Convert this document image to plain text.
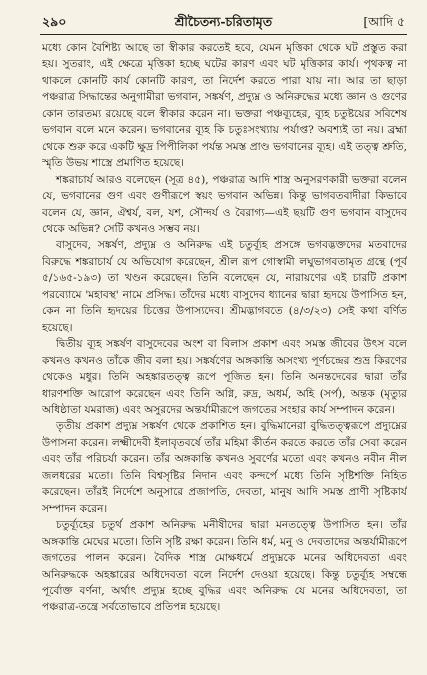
২৯০	শ্রীচৈতন্য-চরিতামৃত	[আদি ৫

মধ্যে কোন বৈশিষ্ট্য আছে তা স্বীকার করতেই হবে, যেমন মৃত্তিকা থেকে ঘট প্রস্তুত করা হয়। সুতরাং, এই ক্ষেত্রে মৃত্তিকা হচ্ছে ঘটের কারণ এবং ঘট মৃত্তিকার কার্য। পৃথকত্ব না থাকলে কোনটি কার্য কোনটি কারণ, তা নির্দেশ করতে পারা যায় না। আর তা ছাড়া পঞ্চরাত্র সিদ্ধান্তের অনুগামীরা ভগবান, সঙ্কর্ষণ, প্রদ্যুম্ন ও অনিরুদ্ধের মধ্যে জ্ঞান ও গুণের কোন তারতম্য রয়েছে বলে স্বীকার করেন না। ভক্তরা পঞ্চব্যূহের, ব্যূহ চতুষ্টয়ের সবিশেষ ভগবান বলে মনে করেন। ভগবানের ব্যূহ কি চতুঃসংখ্যায় পর্যাপ্ত? অবশ্যই তা নয়। ব্রহ্মা থেকে শুরু করে একটি ক্ষুদ্র পিপীলিকা পর্যন্ত সমস্ত প্রাণ্ড ভগবানের ব্যূহ। এই তত্ত্ব শ্রুতি, স্মৃতি উভয় শাস্ত্রে প্রমাণিত হয়েছে।

শঙ্করাচার্য আরও বলেছেন (সূত্র ৪৫), পঞ্চরাত্র আদি শাস্ত্র অনুসরণকারী ভক্তরা বলেন যে, ভগবানের গুণ এবং গুণীরূপে স্বয়ং ভগবান অভিন্ন। কিন্তু ভাগবতবাদীরা কিভাবে বলেন যে, জ্ঞান, ঐশ্বর্য, বল, যশ, সৌন্দর্য ও বৈরাগ্য—এই ছয়টি গুণ ভগবান বাসুদেব থেকে অভিন্ন? সেটি কখনও সম্ভব নয়।

বাসুদেব, সঙ্কর্ষণ, প্রদ্যুম্ন ও অনিরুদ্ধ এই চতুর্ব্যূহ প্রসঙ্গে ভগবদ্ভক্তদের মতবাদের বিরুদ্ধে শঙ্করাচার্য যে অভিযোগ করেছেন, শ্রীল রূপ গোস্বামী লঘুভাগবতামৃত গ্রন্থে (পূর্ব ৫/১৬৫-১৯৩) তা খণ্ডন করেছেন। তিনি বলেছেন যে, নারায়ণের এই চারটি প্রকাশ পরব্যোমে 'মহাবস্থ' নামে প্রসিদ্ধ। তাঁদের মধ্যে বাসুদেব ধ্যানের দ্বারা হৃদয়ে উপাসিত হন, কেন না তিনি হৃদয়ের চিত্তের উপাস্যদেব। শ্রীমদ্ভাগবতে (৪/৩/২৩) সেই কথা বর্ণিত হয়েছে।

দ্বিতীয় ব্যূহ সঙ্কর্ষণ বাসুদেবের অংশ বা বিলাস প্রকাশ এবং সমস্ত জীবের উৎস বলে কখনও কখনও তাঁকে জীব বলা হয়। সঙ্কর্ষণের অঙ্গকান্তি অসংখ্য পূর্ণচন্দ্রের শুভ্র কিরণের থেকেও মধুর। তিনি অহঙ্কারতত্ত্ব রূপে পূজিত হন। তিনি অনন্তদেবের দ্বারা তাঁর ধারণশক্তি আরোপ করেছেন এবং তিনি অগ্নি, রুদ্র, অধর্ম, অহি (সর্প), অন্তক (মৃত্যুর অধিষ্ঠাতা যমরাজ) এবং অসুরদের অন্তর্যামীরূপে জগতের সংহার কার্য সম্পাদন করেন।

তৃতীয় প্রকাশ প্রদ্যুম্ন সঙ্কর্ষণ থেকে প্রকাশিত হন। বুদ্ধিমানেরা বুদ্ধিতত্ত্বরূপে প্রদ্যুম্নের উপাসনা করেন। লক্ষ্মীদেবী ইলাবৃতবর্ষে তাঁর মহিমা কীর্তন করতে করতে তাঁর সেবা করেন এবং তাঁর পরিচর্যা করেন। তাঁর অঙ্গকান্তি কখনও সুবর্ণের মতো এবং কখনও নবীন নীল জলধরের মতো। তিনি বিশ্বসৃষ্টির নিদান এবং কন্দর্পে মধ্যে তিনি সৃষ্টিশক্তি নিহিত করেছেন। তাঁরই নির্দেশে অনুসারে প্রজাপতি, দেবতা, মানুষ আদি সমস্ত প্রাণী সৃষ্টিকার্য সম্পাদন করেন।

চতুর্ব্যূহের চতুর্থ প্রকাশ অনিরুদ্ধ মনীষীদের দ্বারা মনতত্ত্বে উপাসিত হন। তাঁর অঙ্গকান্তি মেঘের মতো। তিনি সৃষ্টি রক্ষা করেন। তিনি ধর্ম, মনু ও দেবতাদের অন্তর্যামীরূপে জগতের পালন করেন। বৈদিক শাস্ত্র মোক্ষধর্মে প্রদ্যুম্নকে মনের অধিদেবতা এবং অনিরুদ্ধকে অহঙ্কারের অধিদেবতা বলে নির্দেশ দেওয়া হয়েছে। কিন্তু চতুর্ব্যূহ সম্বন্ধে পূর্বোক্ত বর্ণনা, অর্থাৎ প্রদ্যুম্ন হচ্ছে বুদ্ধির এবং অনিরুদ্ধ যে মনের অধিদেবতা, তা পঞ্চরাত্র-তন্ত্রে সর্বতোভাবে প্রতিপন্ন হয়েছে।
